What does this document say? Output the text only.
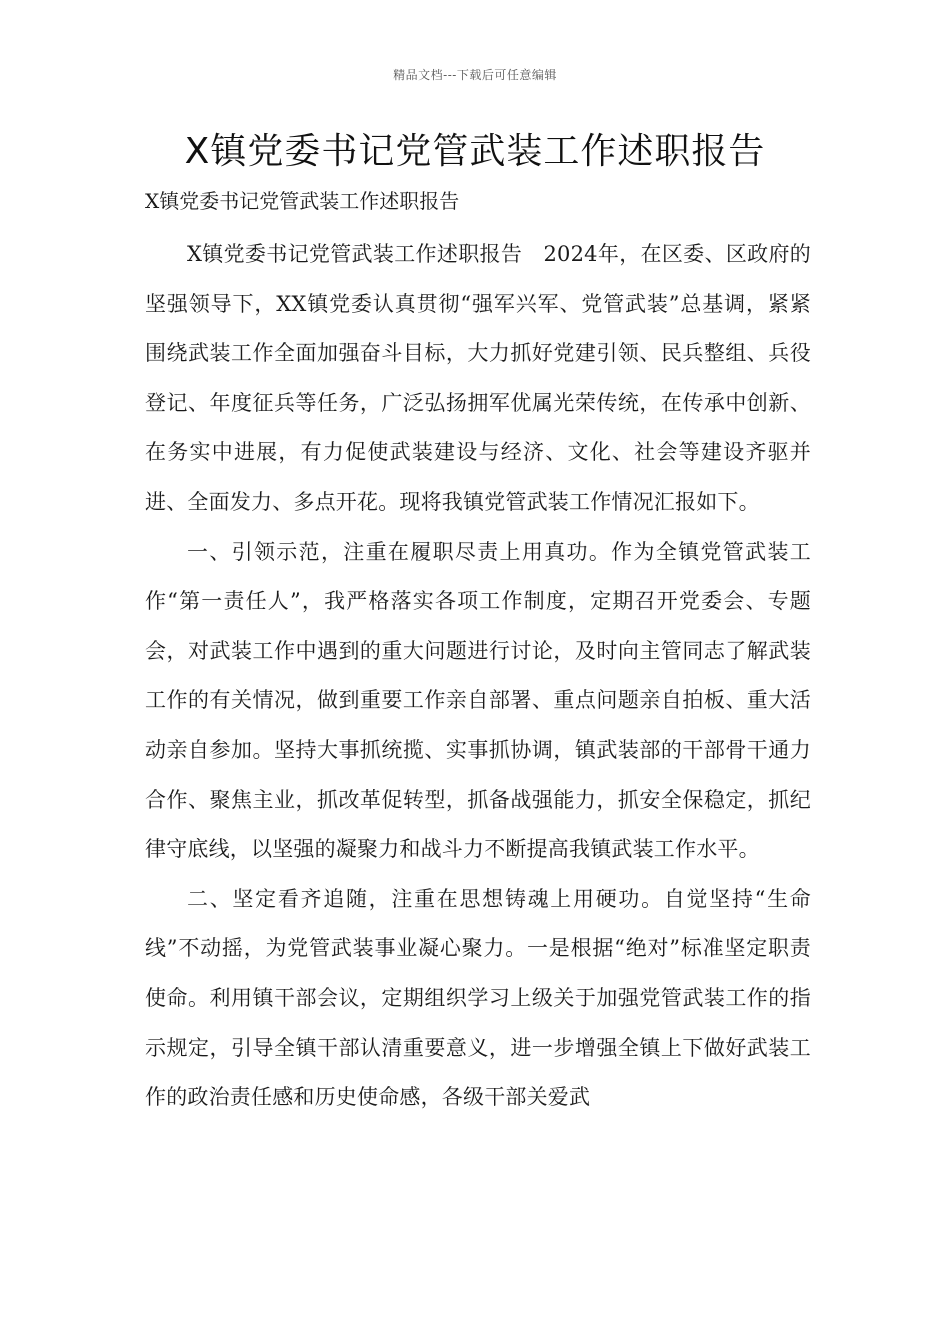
精品文档---下载后可任意编辑
X镇党委书记党管武装工作述职报告

X镇党委书记党管武装工作述职报告

X镇党委书记党管武装工作述职报告　2024年，在区委、区政府的坚强领导下，XX镇党委认真贯彻“强军兴军、党管武装”总基调，紧紧围绕武装工作全面加强奋斗目标，大力抓好党建引领、民兵整组、兵役登记、年度征兵等任务，广泛弘扬拥军优属光荣传统，在传承中创新、在务实中进展，有力促使武装建设与经济、文化、社会等建设齐驱并进、全面发力、多点开花。现将我镇党管武装工作情况汇报如下。

一、引领示范，注重在履职尽责上用真功。作为全镇党管武装工作“第一责任人”，我严格落实各项工作制度，定期召开党委会、专题会，对武装工作中遇到的重大问题进行讨论，及时向主管同志了解武装工作的有关情况，做到重要工作亲自部署、重点问题亲自拍板、重大活动亲自参加。坚持大事抓统揽、实事抓协调，镇武装部的干部骨干通力合作、聚焦主业，抓改革促转型，抓备战强能力，抓安全保稳定，抓纪律守底线，以坚强的凝聚力和战斗力不断提高我镇武装工作水平。

二、坚定看齐追随，注重在思想铸魂上用硬功。自觉坚持“生命线”不动摇，为党管武装事业凝心聚力。一是根据“绝对”标准坚定职责使命。利用镇干部会议，定期组织学习上级关于加强党管武装工作的指示规定，引导全镇干部认清重要意义，进一步增强全镇上下做好武装工作的政治责任感和历史使命感，各级干部关爱武
